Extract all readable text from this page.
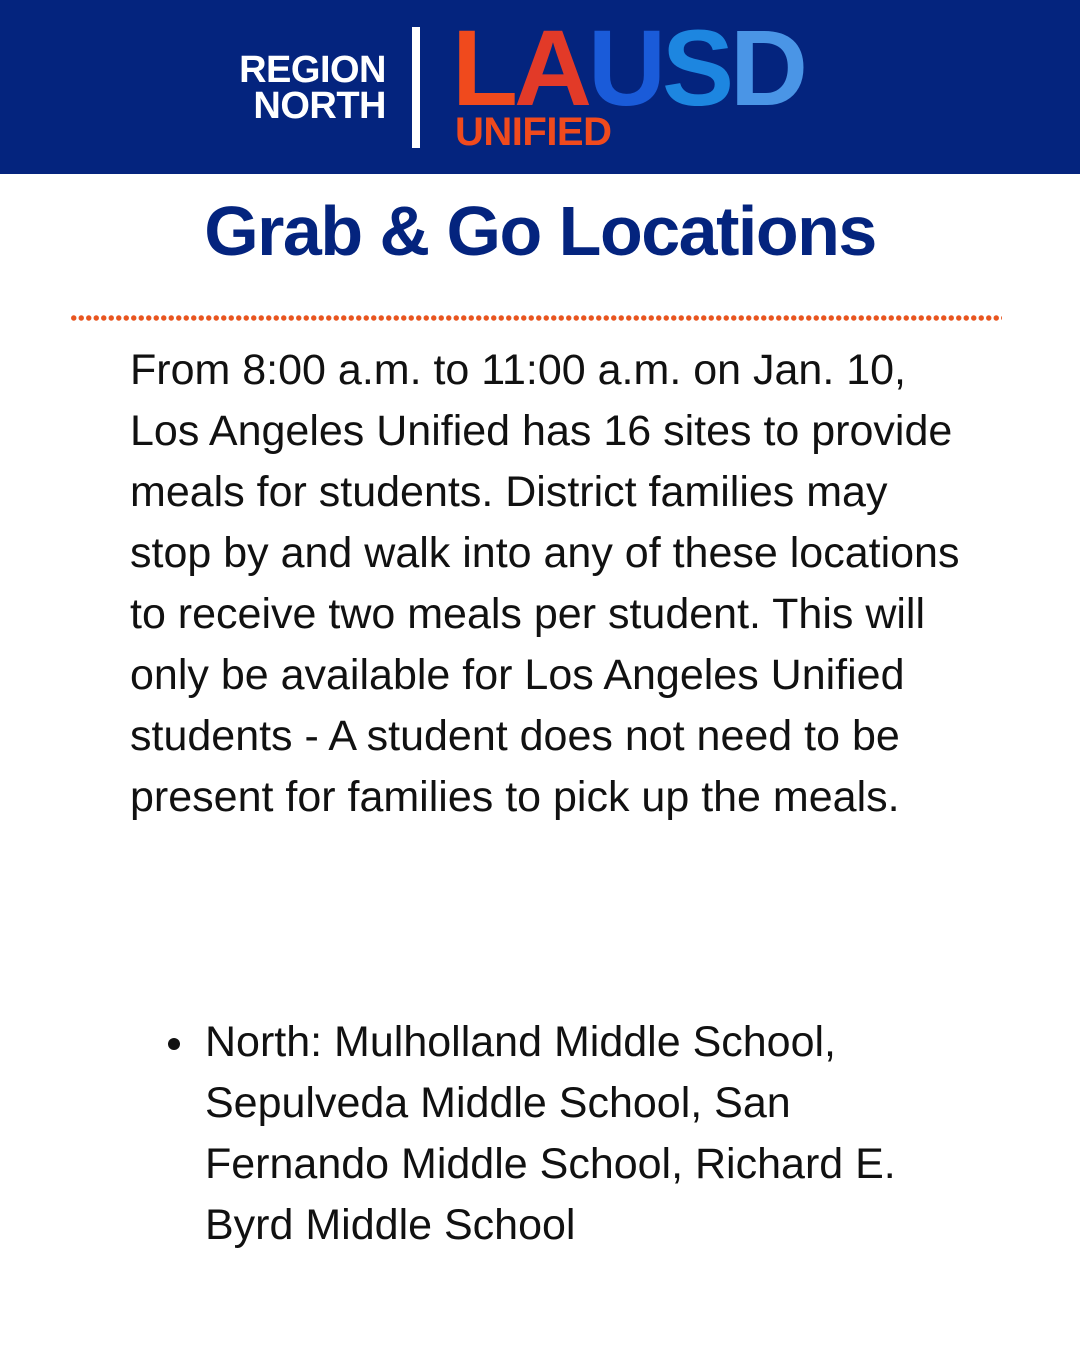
REGION
NORTH LAUSD
UNIFIED
Grab & Go Locations

From 8:00 a.m. to 11:00 a.m. on Jan. 10, Los Angeles Unified has 16 sites to provide meals for students. District families may stop by and walk into any of these locations to receive two meals per student. This will only be available for Los Angeles Unified students - A student does not need to be present for families to pick up the meals.

North: Mulholland Middle School, Sepulveda Middle School, San Fernando Middle School, Richard E. Byrd Middle School
